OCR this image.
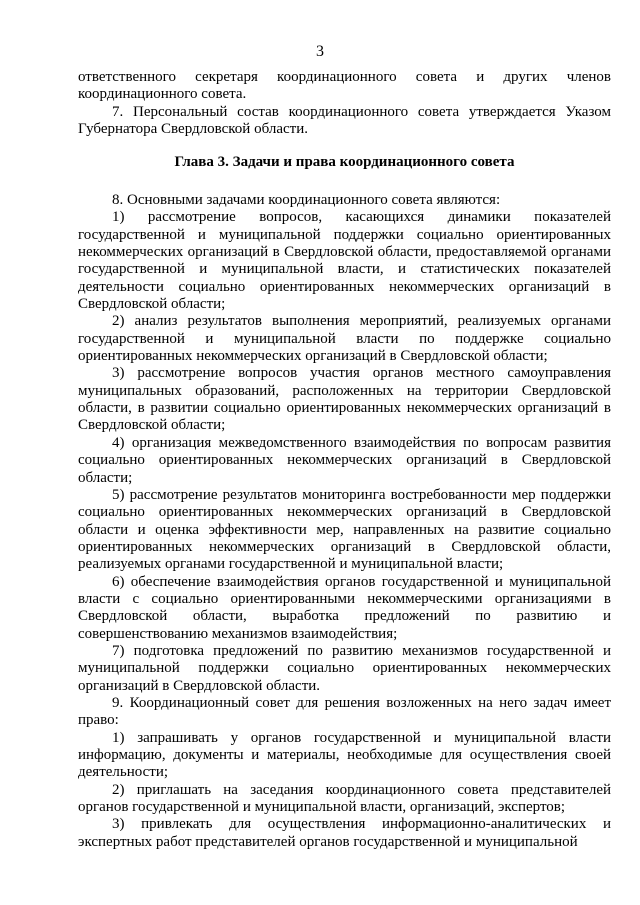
3

ответственного секретаря координационного совета и других членов координационного совета.

7. Персональный состав координационного совета утверждается Указом Губернатора Свердловской области.

Глава 3. Задачи и права координационного совета

8. Основными задачами координационного совета являются:

1) рассмотрение вопросов, касающихся динамики показателей государственной и муниципальной поддержки социально ориентированных некоммерческих организаций в Свердловской области, предоставляемой органами государственной и муниципальной власти, и статистических показателей деятельности социально ориентированных некоммерческих организаций в Свердловской области;

2) анализ результатов выполнения мероприятий, реализуемых органами государственной и муниципальной власти по поддержке социально ориентированных некоммерческих организаций в Свердловской области;

3) рассмотрение вопросов участия органов местного самоуправления муниципальных образований, расположенных на территории Свердловской области, в развитии социально ориентированных некоммерческих организаций в Свердловской области;

4) организация межведомственного взаимодействия по вопросам развития социально ориентированных некоммерческих организаций в Свердловской области;

5) рассмотрение результатов мониторинга востребованности мер поддержки социально ориентированных некоммерческих организаций в Свердловской области и оценка эффективности мер, направленных на развитие социально ориентированных некоммерческих организаций в Свердловской области, реализуемых органами государственной и муниципальной власти;

6) обеспечение взаимодействия органов государственной и муниципальной власти с социально ориентированными некоммерческими организациями в Свердловской области, выработка предложений по развитию и совершенствованию механизмов взаимодействия;

7) подготовка предложений по развитию механизмов государственной и муниципальной поддержки социально ориентированных некоммерческих организаций в Свердловской области.

9. Координационный совет для решения возложенных на него задач имеет право:

1) запрашивать у органов государственной и муниципальной власти информацию, документы и материалы, необходимые для осуществления своей деятельности;

2) приглашать на заседания координационного совета представителей органов государственной и муниципальной власти, организаций, экспертов;

3) привлекать для осуществления информационно-аналитических и экспертных работ представителей органов государственной и муниципальной
